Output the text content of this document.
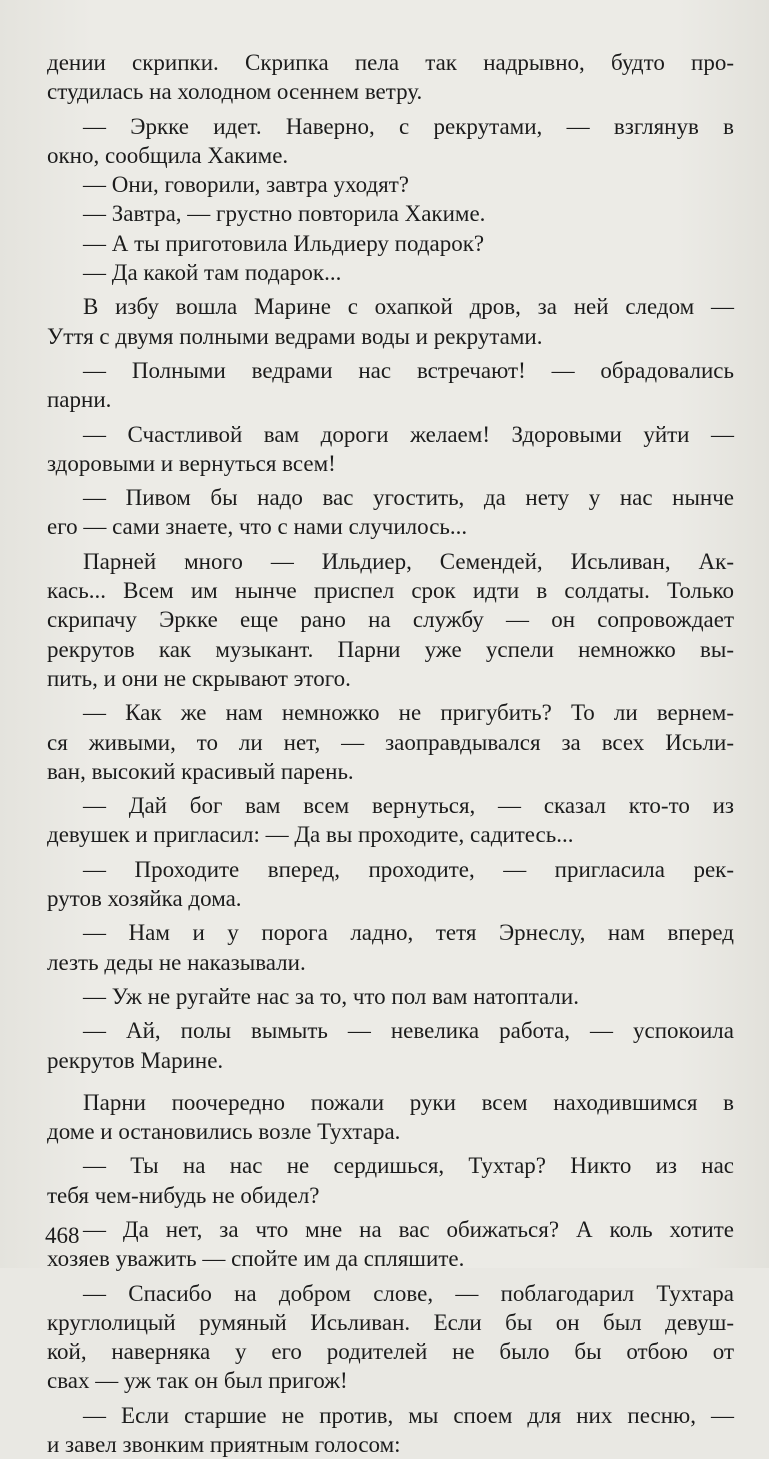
дении скрипки. Скрипка пела так надрывно, будто про-

студилась на холодном осеннем ветру.

— Эркке идет. Наверно, с рекрутами, — взглянув в

окно, сообщила Хакиме.

— Они, говорили, завтра уходят?

— Завтра, — грустно повторила Хакиме.

— А ты приготовила Ильдиеру подарок?

— Да какой там подарок...

В избу вошла Марине с охапкой дров, за ней следом —

Уття с двумя полными ведрами воды и рекрутами.

— Полными ведрами нас встречают! — обрадовались

парни.

— Счастливой вам дороги желаем! Здоровыми уйти —

здоровыми и вернуться всем!

— Пивом бы надо вас угостить, да нету у нас нынче

его — сами знаете, что с нами случилось...

Парней много — Ильдиер, Семендей, Исьливан, Ак-

кась... Всем им нынче приспел срок идти в солдаты. Только

скрипачу Эркке еще рано на службу — он сопровождает

рекрутов как музыкант. Парни уже успели немножко вы-

пить, и они не скрывают этого.

— Как же нам немножко не пригубить? То ли вернем-

ся живыми, то ли нет, — заоправдывался за всех Исьли-

ван, высокий красивый парень.

— Дай бог вам всем вернуться, — сказал кто-то из

девушек и пригласил: — Да вы проходите, садитесь...

— Проходите вперед, проходите, — пригласила рек-

рутов хозяйка дома.

— Нам и у порога ладно, тетя Эрнеслу, нам вперед

лезть деды не наказывали.

— Уж не ругайте нас за то, что пол вам натоптали.

— Ай, полы вымыть — невелика работа, — успокоила

рекрутов Марине.

Парни поочередно пожали руки всем находившимся в

доме и остановились возле Тухтара.

— Ты на нас не сердишься, Тухтар? Никто из нас

тебя чем-нибудь не обидел?

— Да нет, за что мне на вас обижаться? А коль хотите

хозяев уважить — спойте им да спляшите.

— Спасибо на добром слове, — поблагодарил Тухтара

круглолицый румяный Исьливан. Если бы он был девуш-

кой, наверняка у его родителей не было бы отбою от

свах — уж так он был пригож!

— Если старшие не против, мы споем для них песню, —

и завел звонким приятным голосом:

468
